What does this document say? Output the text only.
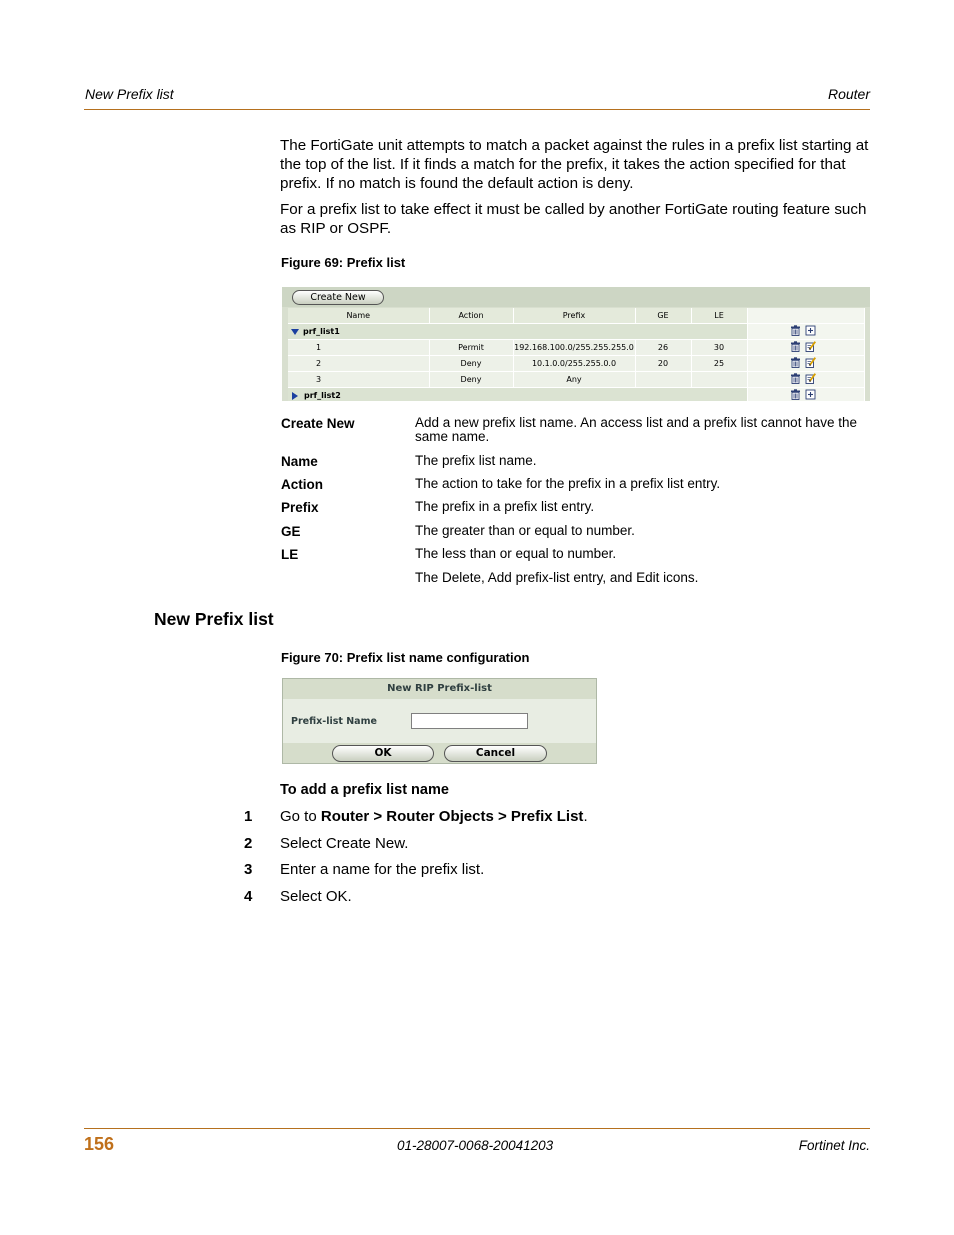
New Prefix list	Router
The FortiGate unit attempts to match a packet against the rules in a prefix list starting at the top of the list. If it finds a match for the prefix, it takes the action specified for that prefix. If no match is found the default action is deny.
For a prefix list to take effect it must be called by another FortiGate routing feature such as RIP or OSPF.
Figure 69: Prefix list
Create New
Name	Action	Prefix	GE	LE	
prf_list1	
1	Permit	192.168.100.0/255.255.255.0	26	30	
2	Deny	10.1.0.0/255.255.0.0	20	25	
3	Deny	Any			
prf_list2	
Create New	Add a new prefix list name. An access list and a prefix list cannot have the same name.
Name	The prefix list name.
Action	The action to take for the prefix in a prefix list entry.
Prefix	The prefix in a prefix list entry.
GE	The greater than or equal to number.
LE	The less than or equal to number.
The Delete, Add prefix-list entry, and Edit icons.
New Prefix list
Figure 70: Prefix list name configuration
New RIP Prefix-list
Prefix-list Name
OK	Cancel
To add a prefix list name
1 Go to Router > Router Objects > Prefix List.
2 Select Create New.
3 Enter a name for the prefix list.
4 Select OK.
156	01-28007-0068-20041203	Fortinet Inc.
